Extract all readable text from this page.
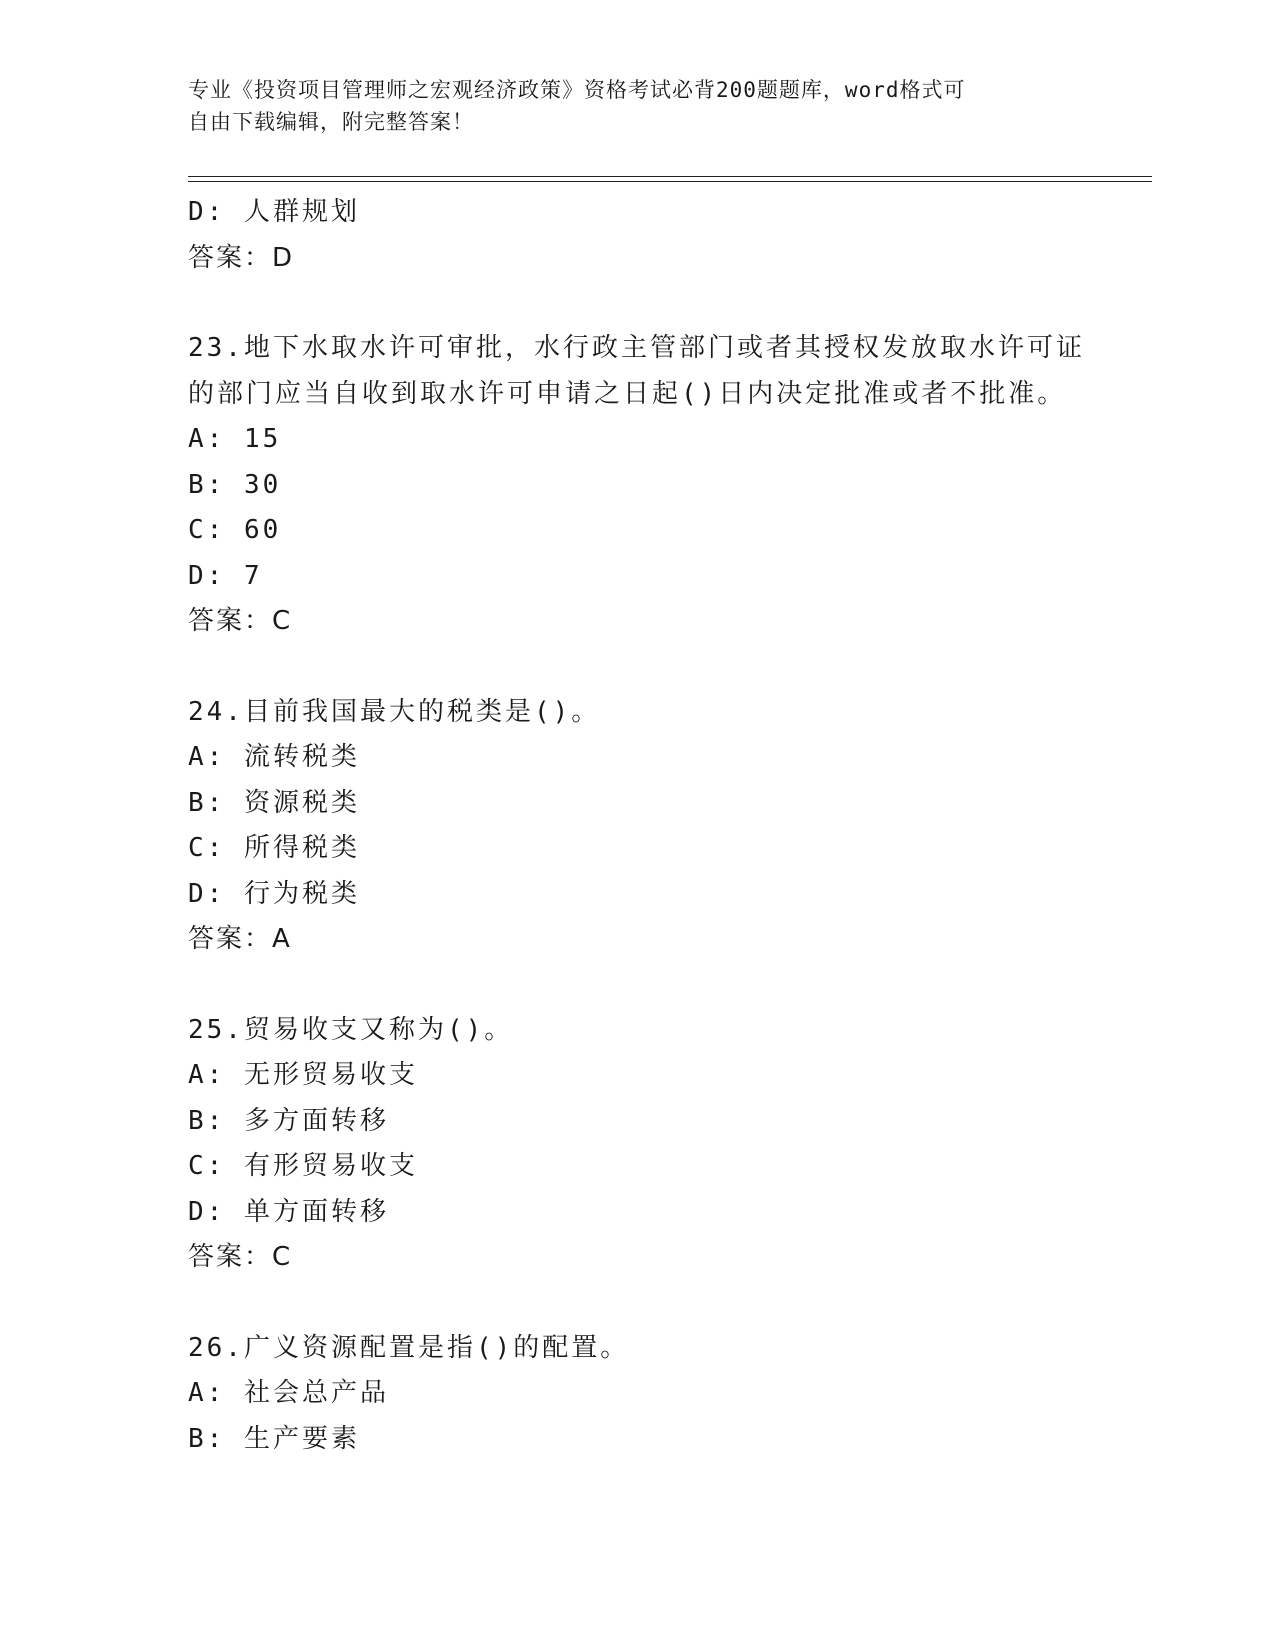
专业《投资项目管理师之宏观经济政策》资格考试必背200题题库，word格式可
自由下载编辑，附完整答案！
D: 人群规划
答案：D
23.地下水取水许可审批，水行政主管部门或者其授权发放取水许可证
的部门应当自收到取水许可申请之日起()日内决定批准或者不批准。
A: 15
B: 30
C: 60
D: 7
答案：C
24.目前我国最大的税类是()。
A: 流转税类
B: 资源税类
C: 所得税类
D: 行为税类
答案：A
25.贸易收支又称为()。
A: 无形贸易收支
B: 多方面转移
C: 有形贸易收支
D: 单方面转移
答案：C
26.广义资源配置是指()的配置。
A: 社会总产品
B: 生产要素
